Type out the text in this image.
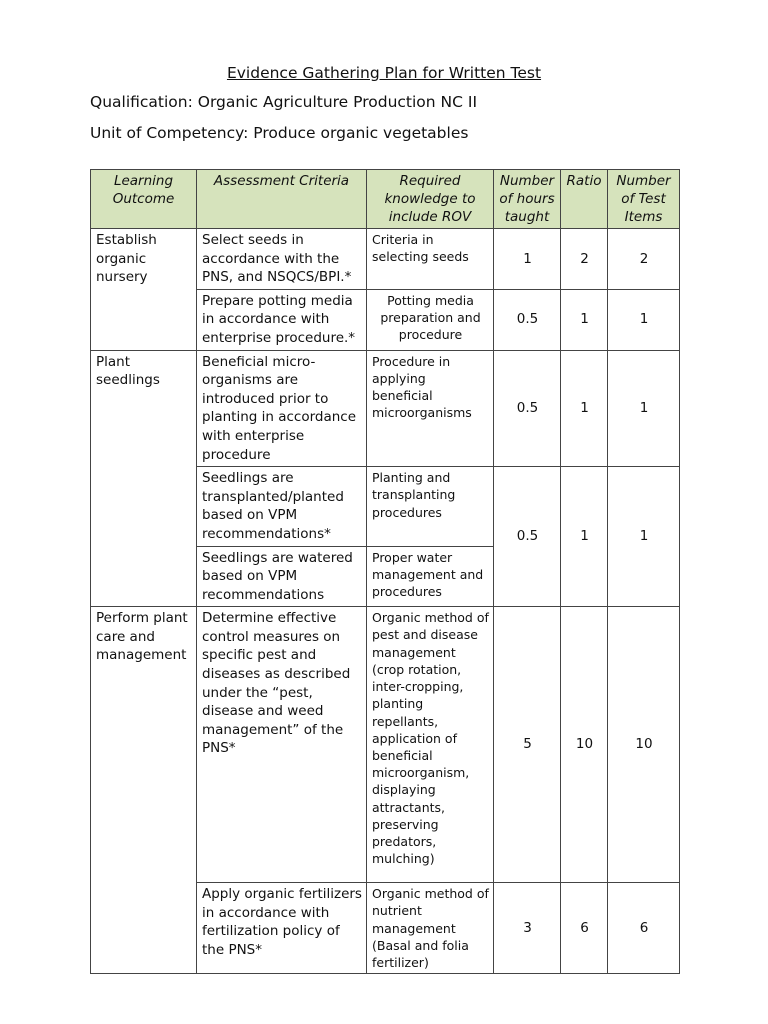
Evidence Gathering Plan for Written Test
Qualification: Organic Agriculture Production NC II
Unit of Competency: Produce organic vegetables
Learning Outcome	Assessment Criteria	Required knowledge to include ROV	Number of hours taught	Ratio	Number of Test Items
Establish organic nursery	Select seeds in accordance with the PNS, and NSQCS/BPI.*	Criteria in selecting seeds	1	2	2
	Prepare potting media in accordance with enterprise procedure.*	Potting media preparation and procedure	0.5	1	1
Plant seedlings	Beneficial micro-organisms are introduced prior to planting in accordance with enterprise procedure	Procedure in applying beneficial microorganisms	0.5	1	1
	Seedlings are transplanted/planted based on VPM recommendations*	Planting and transplanting procedures	0.5	1	1
	Seedlings are watered based on VPM recommendations	Proper water management and procedures			
Perform plant care and management	Determine effective control measures on specific pest and diseases as described under the “pest, disease and weed management” of the PNS*	Organic method of pest and disease management (crop rotation, inter-cropping, planting repellants, application of beneficial microorganism, displaying attractants, preserving predators, mulching)	5	10	10
	Apply organic fertilizers in accordance with fertilization policy of the PNS*	Organic method of nutrient management (Basal and folia fertilizer)	3	6	6
